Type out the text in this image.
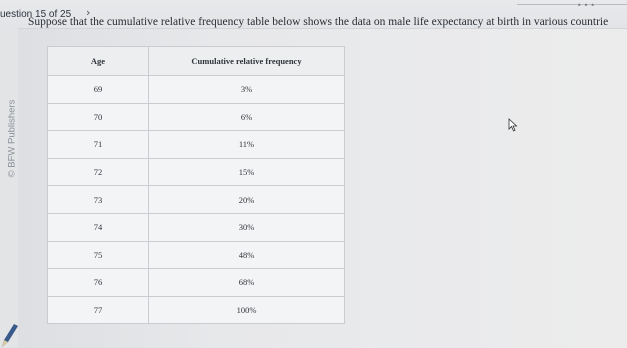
uestion 15 of 25 ›
•••
© BFW Publishers
Suppose that the cumulative relative frequency table below shows the data on male life expectancy at birth in various countrie
Age	Cumulative relative frequency
69	3%
70	6%
71	11%
72	15%
73	20%
74	30%
75	48%
76	68%
77	100%
